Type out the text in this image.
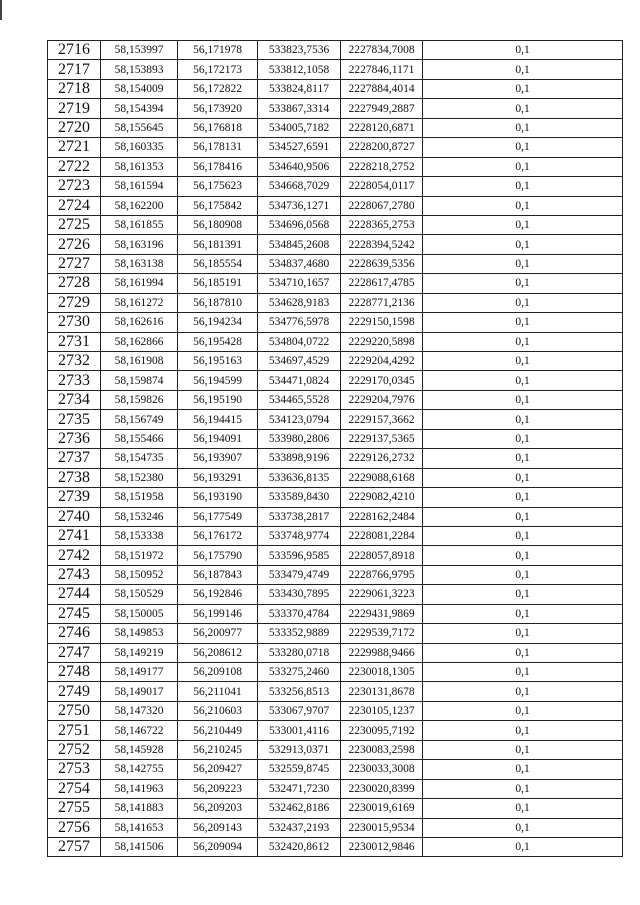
2716	58,153997	56,171978	533823,7536	2227834,7008	0,1
2717	58,153893	56,172173	533812,1058	2227846,1171	0,1
2718	58,154009	56,172822	533824,8117	2227884,4014	0,1
2719	58,154394	56,173920	533867,3314	2227949,2887	0,1
2720	58,155645	56,176818	534005,7182	2228120,6871	0,1
2721	58,160335	56,178131	534527,6591	2228200,8727	0,1
2722	58,161353	56,178416	534640,9506	2228218,2752	0,1
2723	58,161594	56,175623	534668,7029	2228054,0117	0,1
2724	58,162200	56,175842	534736,1271	2228067,2780	0,1
2725	58,161855	56,180908	534696,0568	2228365,2753	0,1
2726	58,163196	56,181391	534845,2608	2228394,5242	0,1
2727	58,163138	56,185554	534837,4680	2228639,5356	0,1
2728	58,161994	56,185191	534710,1657	2228617,4785	0,1
2729	58,161272	56,187810	534628,9183	2228771,2136	0,1
2730	58,162616	56,194234	534776,5978	2229150,1598	0,1
2731	58,162866	56,195428	534804,0722	2229220,5898	0,1
2732	58,161908	56,195163	534697,4529	2229204,4292	0,1
2733	58,159874	56,194599	534471,0824	2229170,0345	0,1
2734	58,159826	56,195190	534465,5528	2229204,7976	0,1
2735	58,156749	56,194415	534123,0794	2229157,3662	0,1
2736	58,155466	56,194091	533980,2806	2229137,5365	0,1
2737	58,154735	56,193907	533898,9196	2229126,2732	0,1
2738	58,152380	56,193291	533636,8135	2229088,6168	0,1
2739	58,151958	56,193190	533589,8430	2229082,4210	0,1
2740	58,153246	56,177549	533738,2817	2228162,2484	0,1
2741	58,153338	56,176172	533748,9774	2228081,2284	0,1
2742	58,151972	56,175790	533596,9585	2228057,8918	0,1
2743	58,150952	56,187843	533479,4749	2228766,9795	0,1
2744	58,150529	56,192846	533430,7895	2229061,3223	0,1
2745	58,150005	56,199146	533370,4784	2229431,9869	0,1
2746	58,149853	56,200977	533352,9889	2229539,7172	0,1
2747	58,149219	56,208612	533280,0718	2229988,9466	0,1
2748	58,149177	56,209108	533275,2460	2230018,1305	0,1
2749	58,149017	56,211041	533256,8513	2230131,8678	0,1
2750	58,147320	56,210603	533067,9707	2230105,1237	0,1
2751	58,146722	56,210449	533001,4116	2230095,7192	0,1
2752	58,145928	56,210245	532913,0371	2230083,2598	0,1
2753	58,142755	56,209427	532559,8745	2230033,3008	0,1
2754	58,141963	56,209223	532471,7230	2230020,8399	0,1
2755	58,141883	56,209203	532462,8186	2230019,6169	0,1
2756	58,141653	56,209143	532437,2193	2230015,9534	0,1
2757	58,141506	56,209094	532420,8612	2230012,9846	0,1
